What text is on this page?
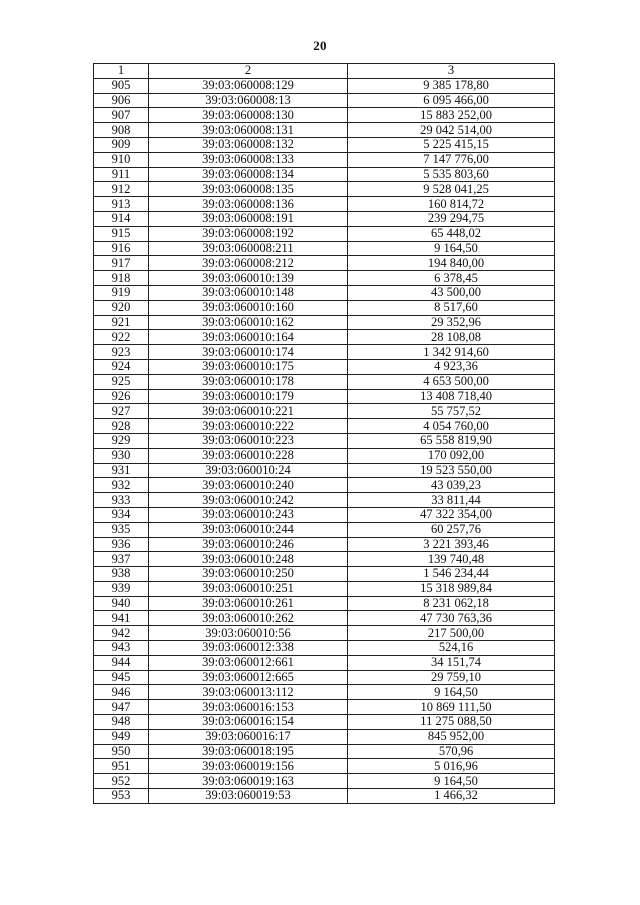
20
1	2	3
905	39:03:060008:129	9 385 178,80
906	39:03:060008:13	6 095 466,00
907	39:03:060008:130	15 883 252,00
908	39:03:060008:131	29 042 514,00
909	39:03:060008:132	5 225 415,15
910	39:03:060008:133	7 147 776,00
911	39:03:060008:134	5 535 803,60
912	39:03:060008:135	9 528 041,25
913	39:03:060008:136	160 814,72
914	39:03:060008:191	239 294,75
915	39:03:060008:192	65 448,02
916	39:03:060008:211	9 164,50
917	39:03:060008:212	194 840,00
918	39:03:060010:139	6 378,45
919	39:03:060010:148	43 500,00
920	39:03:060010:160	8 517,60
921	39:03:060010:162	29 352,96
922	39:03:060010:164	28 108,08
923	39:03:060010:174	1 342 914,60
924	39:03:060010:175	4 923,36
925	39:03:060010:178	4 653 500,00
926	39:03:060010:179	13 408 718,40
927	39:03:060010:221	55 757,52
928	39:03:060010:222	4 054 760,00
929	39:03:060010:223	65 558 819,90
930	39:03:060010:228	170 092,00
931	39:03:060010:24	19 523 550,00
932	39:03:060010:240	43 039,23
933	39:03:060010:242	33 811,44
934	39:03:060010:243	47 322 354,00
935	39:03:060010:244	60 257,76
936	39:03:060010:246	3 221 393,46
937	39:03:060010:248	139 740,48
938	39:03:060010:250	1 546 234,44
939	39:03:060010:251	15 318 989,84
940	39:03:060010:261	8 231 062,18
941	39:03:060010:262	47 730 763,36
942	39:03:060010:56	217 500,00
943	39:03:060012:338	524,16
944	39:03:060012:661	34 151,74
945	39:03:060012:665	29 759,10
946	39:03:060013:112	9 164,50
947	39:03:060016:153	10 869 111,50
948	39:03:060016:154	11 275 088,50
949	39:03:060016:17	845 952,00
950	39:03:060018:195	570,96
951	39:03:060019:156	5 016,96
952	39:03:060019:163	9 164,50
953	39:03:060019:53	1 466,32
